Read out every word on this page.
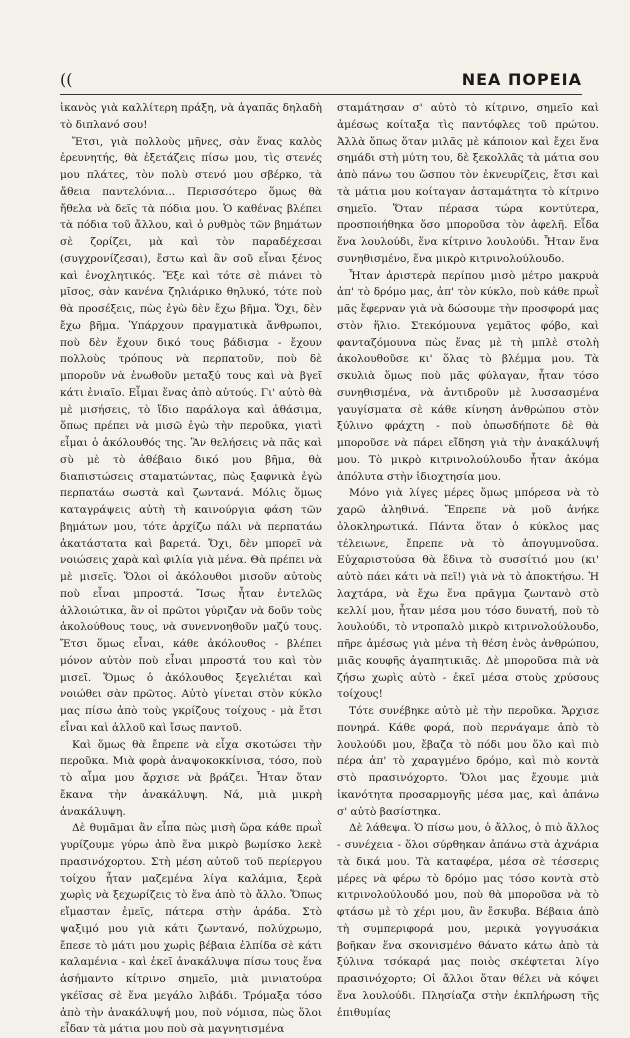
((	ΝΕΑ ΠΟΡΕΙΑ

ἱκανὸς γιὰ καλλίτερη πράξη, νὰ ἀγαπᾶς δηλαδὴ τὸ διπλανό σου!

Ἔτσι, γιὰ πολλοὺς μῆνες, σὰν ἕνας καλὸς ἐρευνητής, θὰ ἐξετάζεις πίσω μου, τὶς στενές μου πλάτες, τὸν πολὺ στενό μου σβέρκο, τὰ ἄθεια παντελόνια... Περισσότερο ὅμως θὰ ἤθελα νὰ δεῖς τὰ πόδια μου. Ὁ καθένας βλέπει τὰ πόδια τοῦ ἄλλου, καὶ ὁ ρυθμὸς τῶν βημάτων σὲ ζορίζει, μὰ καὶ τὸν παραδέχεσαι (συγχρονίζεσαι), ἔστω καὶ ἂν σοῦ εἶναι ξένος καὶ ἐνοχλητικός. Ἔξε καὶ τότε σὲ πιάνει τὸ μῖσος, σὰν κανένα ζηλιάρικο θηλυκό, τότε ποὺ θὰ προσέξεις, πὼς ἐγὼ δὲν ἔχω βῆμα. Ὄχι, δὲν ἔχω βῆμα. Ὑπάρχουν πραγματικὰ ἄνθρωποι, ποὺ δὲν ἔχουν δικό τους βάδισμα - ἔχουν πολλοὺς τρόπους νὰ περπατοῦν, ποὺ δὲ μποροῦν νὰ ἑνωθοῦν μεταξύ τους καὶ νὰ βγεῖ κάτι ἑνιαῖο. Εἶμαι ἕνας ἀπὸ αὐτούς. Γι' αὐτὸ θὰ μὲ μισήσεις, τὸ ἴδιο παράλογα καὶ ἀθάσιμα, ὅπως πρέπει νὰ μισῶ ἐγὼ τὴν περοῦκα, γιατὶ εἶμαι ὁ ἀκόλουθός της. Ἂν θελήσεις νὰ πᾶς καὶ σὺ μὲ τὸ ἀθέβαιο δικό μου βῆμα, θὰ διαπιστώσεις σταματώντας, πὼς ξαφνικὰ ἐγὼ περπατάω σωστὰ καὶ ζωντανά. Μόλις ὅμως καταγράψεις αὐτὴ τὴ καινούργια φάση τῶν βημάτων μου, τότε ἀρχίζω πάλι νὰ περπατάω ἀκατάστατα καὶ βαρετά. Ὄχι, δὲν μπορεῖ νὰ νοιώσεις χαρὰ καὶ φιλία γιὰ μένα. Θὰ πρέπει νὰ μὲ μισεῖς. Ὅλοι οἱ ἀκόλουθοι μισοῦν αὐτοὺς ποὺ εἶναι μπροστά. Ἴσως ἦταν ἐντελῶς ἀλλοιώτικα, ἂν οἱ πρῶτοι γύριζαν νὰ δοῦν τοὺς ἀκολούθους τους, νὰ συνεννοηθοῦν μαζύ τους. Ἔτσι ὅμως εἶναι, κάθε ἀκόλουθος - βλέπει μόνον αὐτὸν ποὺ εἶναι μπροστά του καὶ τὸν μισεῖ. Ὅμως ὁ ἀκόλουθος ξεγελιέται καὶ νοιώθει σὰν πρῶτος. Αὐτὸ γίνεται στὸν κύκλο μας πίσω ἀπὸ τοὺς γκρίζους τοίχους - μὰ ἔτσι εἶναι καὶ ἀλλοῦ καὶ ἴσως παντοῦ.

Καὶ ὅμως θὰ ἔπρεπε νὰ εἶχα σκοτώσει τὴν περοῦκα. Μιὰ φορὰ ἀναψοκοκκίνισα, τόσο, ποὺ τὸ αἷμα μου ἄρχισε νὰ βράζει. Ἦταν ὅταν ἔκανα τὴν ἀνακάλυψη. Νά, μιὰ μικρὴ ἀνακάλυψη.

Δὲ θυμᾶμαι ἂν εἶπα πὼς μισὴ ὥρα κάθε πρωῒ γυρίζουμε γύρω ἀπὸ ἕνα μικρὸ βωμίσκο λεκὲ πρασινόχορτου. Στὴ μέση αὐτοῦ τοῦ περίεργου τοίχου ἦταν μαζεμένα λίγα καλάμια, ξερὰ χωρὶς νὰ ξεχωρίζεις τὸ ἕνα ἀπὸ τὸ ἄλλο. Ὅπως εἴμασταν ἐμεῖς, πάτερα στὴν ἀράδα. Στὸ ψαξιμό μου γιὰ κάτι ζωντανό, πολύχρωμο, ἔπεσε τὸ μάτι μου χωρὶς βέβαια ἐλπίδα σὲ κάτι καλαμένια - καὶ ἐκεῖ ἀνακάλυψα πίσω τους ἕνα ἀσήμαντο κίτρινο σημεῖο, μιὰ μινιατούρα γκέϊσας σὲ ἕνα μεγάλο λιβάδι. Τρόμαξα τόσο ἀπὸ τὴν ἀνακάλυψή μου, ποὺ νόμισα, πὼς ὅλοι εἶδαν τὰ μάτια μου ποὺ σὰ μαγνητισμένα

σταμάτησαν σ' αὐτὸ τὸ κίτρινο, σημεῖο καὶ ἀμέσως κοίταξα τὶς παντόφλες τοῦ πρώτου. Ἀλλὰ ὅπως ὅταν μιλᾶς μὲ κάποιον καὶ ἔχει ἕνα σημάδι στὴ μύτη του, δὲ ξεκολλᾶς τὰ μάτια σου ἀπὸ πάνω του ὥσπου τὸν ἐκνευρίζεις, ἔτσι καὶ τὰ μάτια μου κοίταγαν ἀσταμάτητα τὸ κίτρινο σημεῖο. Ὅταν πέρασα τώρα κοντύτερα, προσποιήθηκα ὅσο μποροῦσα τὸν ἀφελῆ. Εἶδα ἕνα λουλούδι, ἕνα κίτρινο λουλούδι. Ἦταν ἕνα συνηθισμένο, ἕνα μικρὸ κιτρινολούλουδο.

Ἦταν ἀριστερὰ περίπου μισὸ μέτρο μακρυὰ ἀπ' τὸ δρόμο μας, ἀπ' τὸν κύκλο, ποὺ κάθε πρωῒ μᾶς ἔφερναν γιὰ νὰ δώσουμε τὴν προσφορά μας στὸν ἥλιο. Στεκόμουνα γεμᾶτος φόβο, καὶ φανταζόμουνα πὼς ἕνας μὲ τὴ μπλὲ στολὴ ἀκολουθοῦσε κι' ὅλας τὸ βλέμμα μου. Τὰ σκυλιὰ ὅμως ποὺ μᾶς φύλαγαν, ἦταν τόσο συνηθισμένα, νὰ ἀντιδροῦν μὲ λυσσασμένα γαυγίσματα σὲ κάθε κίνηση ἀνθρώπου στὸν ξύλινο φράχτη - ποὺ ὁπωσδήποτε δὲ θὰ μποροῦσε νὰ πάρει εἴδηση γιὰ τὴν ἀνακάλυψή μου. Τὸ μικρὸ κιτρινολούλουδο ἦταν ἀκόμα ἀπόλυτα στὴν ἰδιοχτησία μου.

Μόνο γιὰ λίγες μέρες ὅμως μπόρεσα νὰ τὸ χαρῶ ἀληθινά. Ἔπρεπε νὰ μοῦ ἀνήκε ὁλοκληρωτικά. Πάντα ὅταν ὁ κύκλος μας τέλειωνε, ἔπρεπε νὰ τὸ ἀπογυμνοῦσα. Εὐχαριστούσα θὰ ἔδινα τὸ συσσίτιό μου (κι' αὐτὸ πάει κάτι νὰ πεῖ!) γιὰ νὰ τὸ ἀποκτήσω. Ἡ λαχτάρα, νὰ ἔχω ἕνα πρᾶγμα ζωντανὸ στὸ κελλί μου, ἦταν μέσα μου τόσο δυνατή, ποὺ τὸ λουλούδι, τὸ ντροπαλὸ μικρὸ κιτρινολούλουδο, πῆρε ἀμέσως γιὰ μένα τὴ θέση ἑνὸς ἀνθρώπου, μιᾶς κουφῆς ἀγαπητικιᾶς. Δὲ μποροῦσα πιὰ νὰ ζήσω χωρὶς αὐτὸ - ἐκεῖ μέσα στοὺς χρύσους τοίχους!

Τότε συνέβηκε αὐτὸ μὲ τὴν περοῦκα. Ἄρχισε πονηρά. Κάθε φορά, ποὺ περνάγαμε ἀπὸ τὸ λουλούδι μου, ἔβαζα τὸ πόδι μου ὅλο καὶ πιὸ πέρα ἀπ' τὸ χαραγμένο δρόμο, καὶ πιὸ κοντὰ στὸ πρασινόχορτο. Ὅλοι μας ἔχουμε μιὰ ἱκανότητα προσαρμογῆς μέσα μας, καὶ ἀπάνω σ' αὐτὸ βασίστηκα.

Δὲ λάθεψα. Ὁ πίσω μου, ὁ ἄλλος, ὁ πιὸ ἄλλος - συνέχεια - ὅλοι σύρθηκαν ἀπάνω στὰ ἀχνάρια τὰ δικά μου. Τὰ καταφέρα, μέσα σὲ τέσσερις μέρες νὰ φέρω τὸ δρόμο μας τόσο κοντὰ στὸ κιτρινολούλουδό μου, ποὺ θὰ μποροῦσα νὰ τὸ φτάσω μὲ τὸ χέρι μου, ἂν ἔσκυβα. Βέβαια ἀπὸ τὴ συμπεριφορά μου, μερικὰ γογγυσάκια βοῆκαν ἕνα σκονισμένο θάνατο κάτω ἀπὸ τὰ ξύλινα τσόκαρά μας ποιὸς σκέφτεται λίγο πρασινόχορτο; Οἱ ἄλλοι ὅταν θέλει νὰ κόψει ἕνα λουλούδι. Πλησίαζα στὴν ἐκπλήρωση τῆς ἐπιθυμίας
